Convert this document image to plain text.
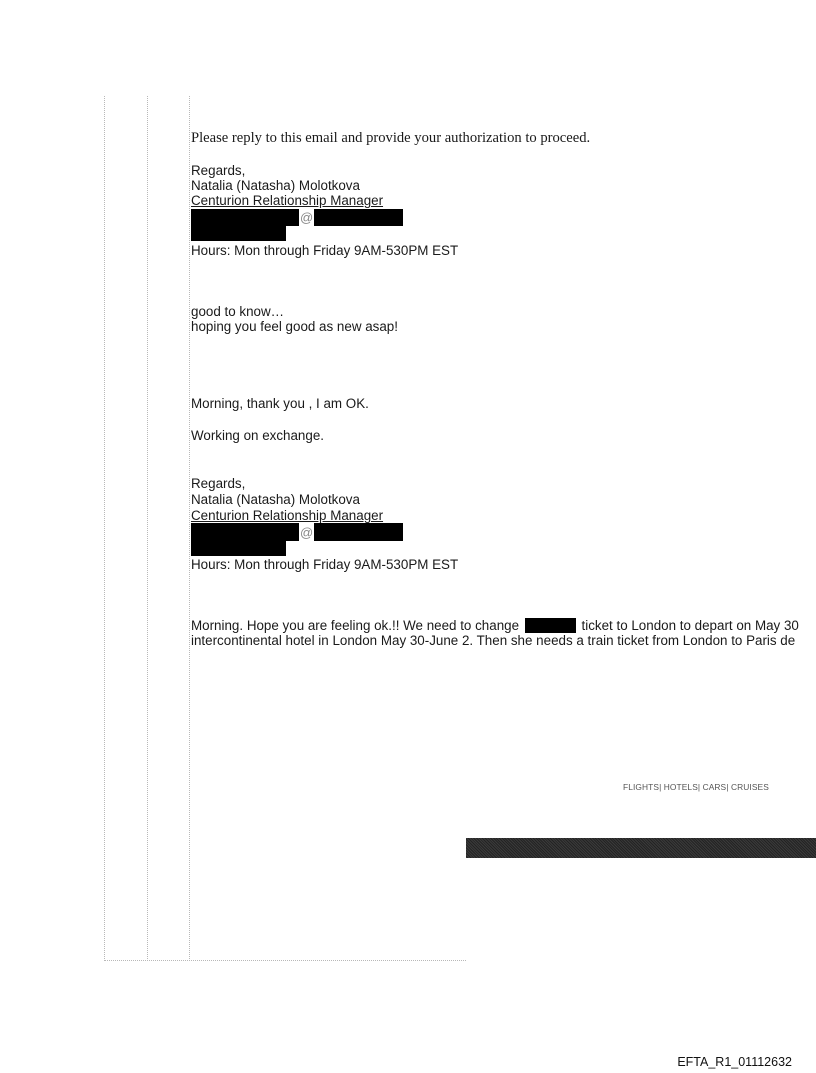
Please reply to this email and provide your authorization to proceed.
Regards,
Natalia (Natasha) Molotkova
Centurion Relationship Manager
@
Hours: Mon through Friday 9AM-530PM EST
good to know…
hoping you feel good as new asap!
Morning, thank you , I am OK.
Working on exchange.
Regards,
Natalia (Natasha) Molotkova
Centurion Relationship Manager
@
Hours: Mon through Friday 9AM-530PM EST
Morning. Hope you are feeling ok.!! We need to change	ticket to London to depart on May 30
intercontinental hotel in London May 30-June 2. Then she needs a train ticket from London to Paris de
FLIGHTS| HOTELS| CARS| CRUISES
EFTA_R1_01112632
